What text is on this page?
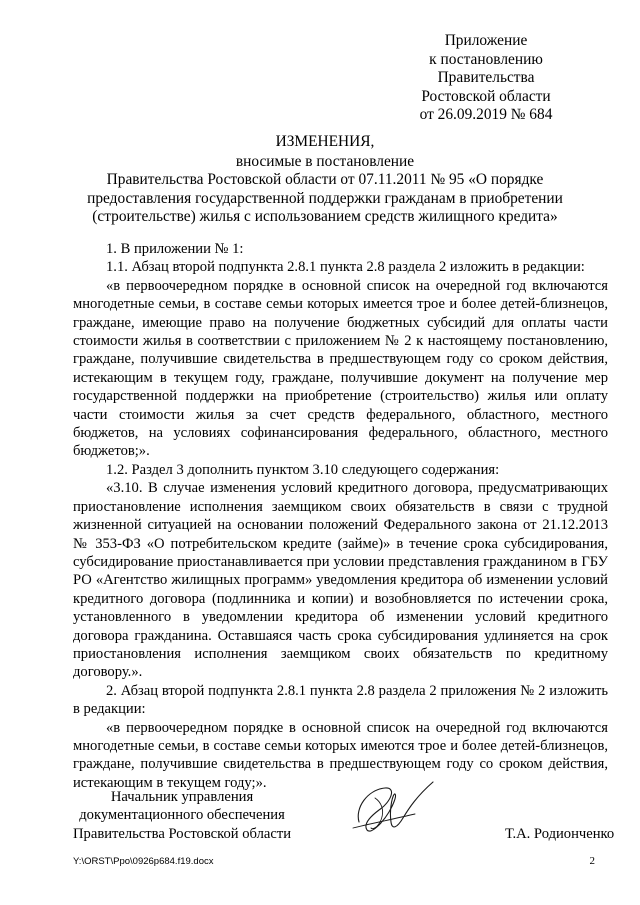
Приложение
к постановлению
Правительства
Ростовской области
от 26.09.2019 № 684
ИЗМЕНЕНИЯ,
вносимые в постановление
Правительства Ростовской области от 07.11.2011 № 95 «О порядке
предоставления государственной поддержки гражданам в приобретении
(строительстве) жилья с использованием средств жилищного кредита»

1. В приложении № 1:

1.1. Абзац второй подпункта 2.8.1 пункта 2.8 раздела 2 изложить в редакции:

«в первоочередном порядке в основной список на очередной год включаются многодетные семьи, в составе семьи которых имеется трое и более детей-близнецов, граждане, имеющие право на получение бюджетных субсидий для оплаты части стоимости жилья в соответствии с приложением № 2 к настоящему постановлению, граждане, получившие свидетельства в предшествующем году со сроком действия, истекающим в текущем году, граждане, получившие документ на получение мер государственной поддержки на приобретение (строительство) жилья или оплату части стоимости жилья за счет средств федерального, областного, местного бюджетов, на условиях софинансирования федерального, областного, местного бюджетов;».

1.2. Раздел 3 дополнить пунктом 3.10 следующего содержания:

«3.10. В случае изменения условий кредитного договора, предусматривающих приостановление исполнения заемщиком своих обязательств в связи с трудной жизненной ситуацией на основании положений Федерального закона от 21.12.2013 № 353-ФЗ «О потребительском кредите (займе)» в течение срока субсидирования, субсидирование приостанавливается при условии представления гражданином в ГБУ РО «Агентство жилищных программ» уведомления кредитора об изменении условий кредитного договора (подлинника и копии) и возобновляется по истечении срока, установленного в уведомлении кредитора об изменении условий кредитного договора гражданина. Оставшаяся часть срока субсидирования удлиняется на срок приостановления исполнения заемщиком своих обязательств по кредитному договору.».

2. Абзац второй подпункта 2.8.1 пункта 2.8 раздела 2 приложения № 2 изложить в редакции:

«в первоочередном порядке в основной список на очередной год включаются многодетные семьи, в составе семьи которых имеются трое и более детей-близнецов, граждане, получившие свидетельства в предшествующем году со сроком действия, истекающим в текущем году;».

Начальник управления
документационного обеспечения
Правительства Ростовской области	Т.А. Родионченко
Y:\ORST\Ppo\0926p684.f19.docx	2
